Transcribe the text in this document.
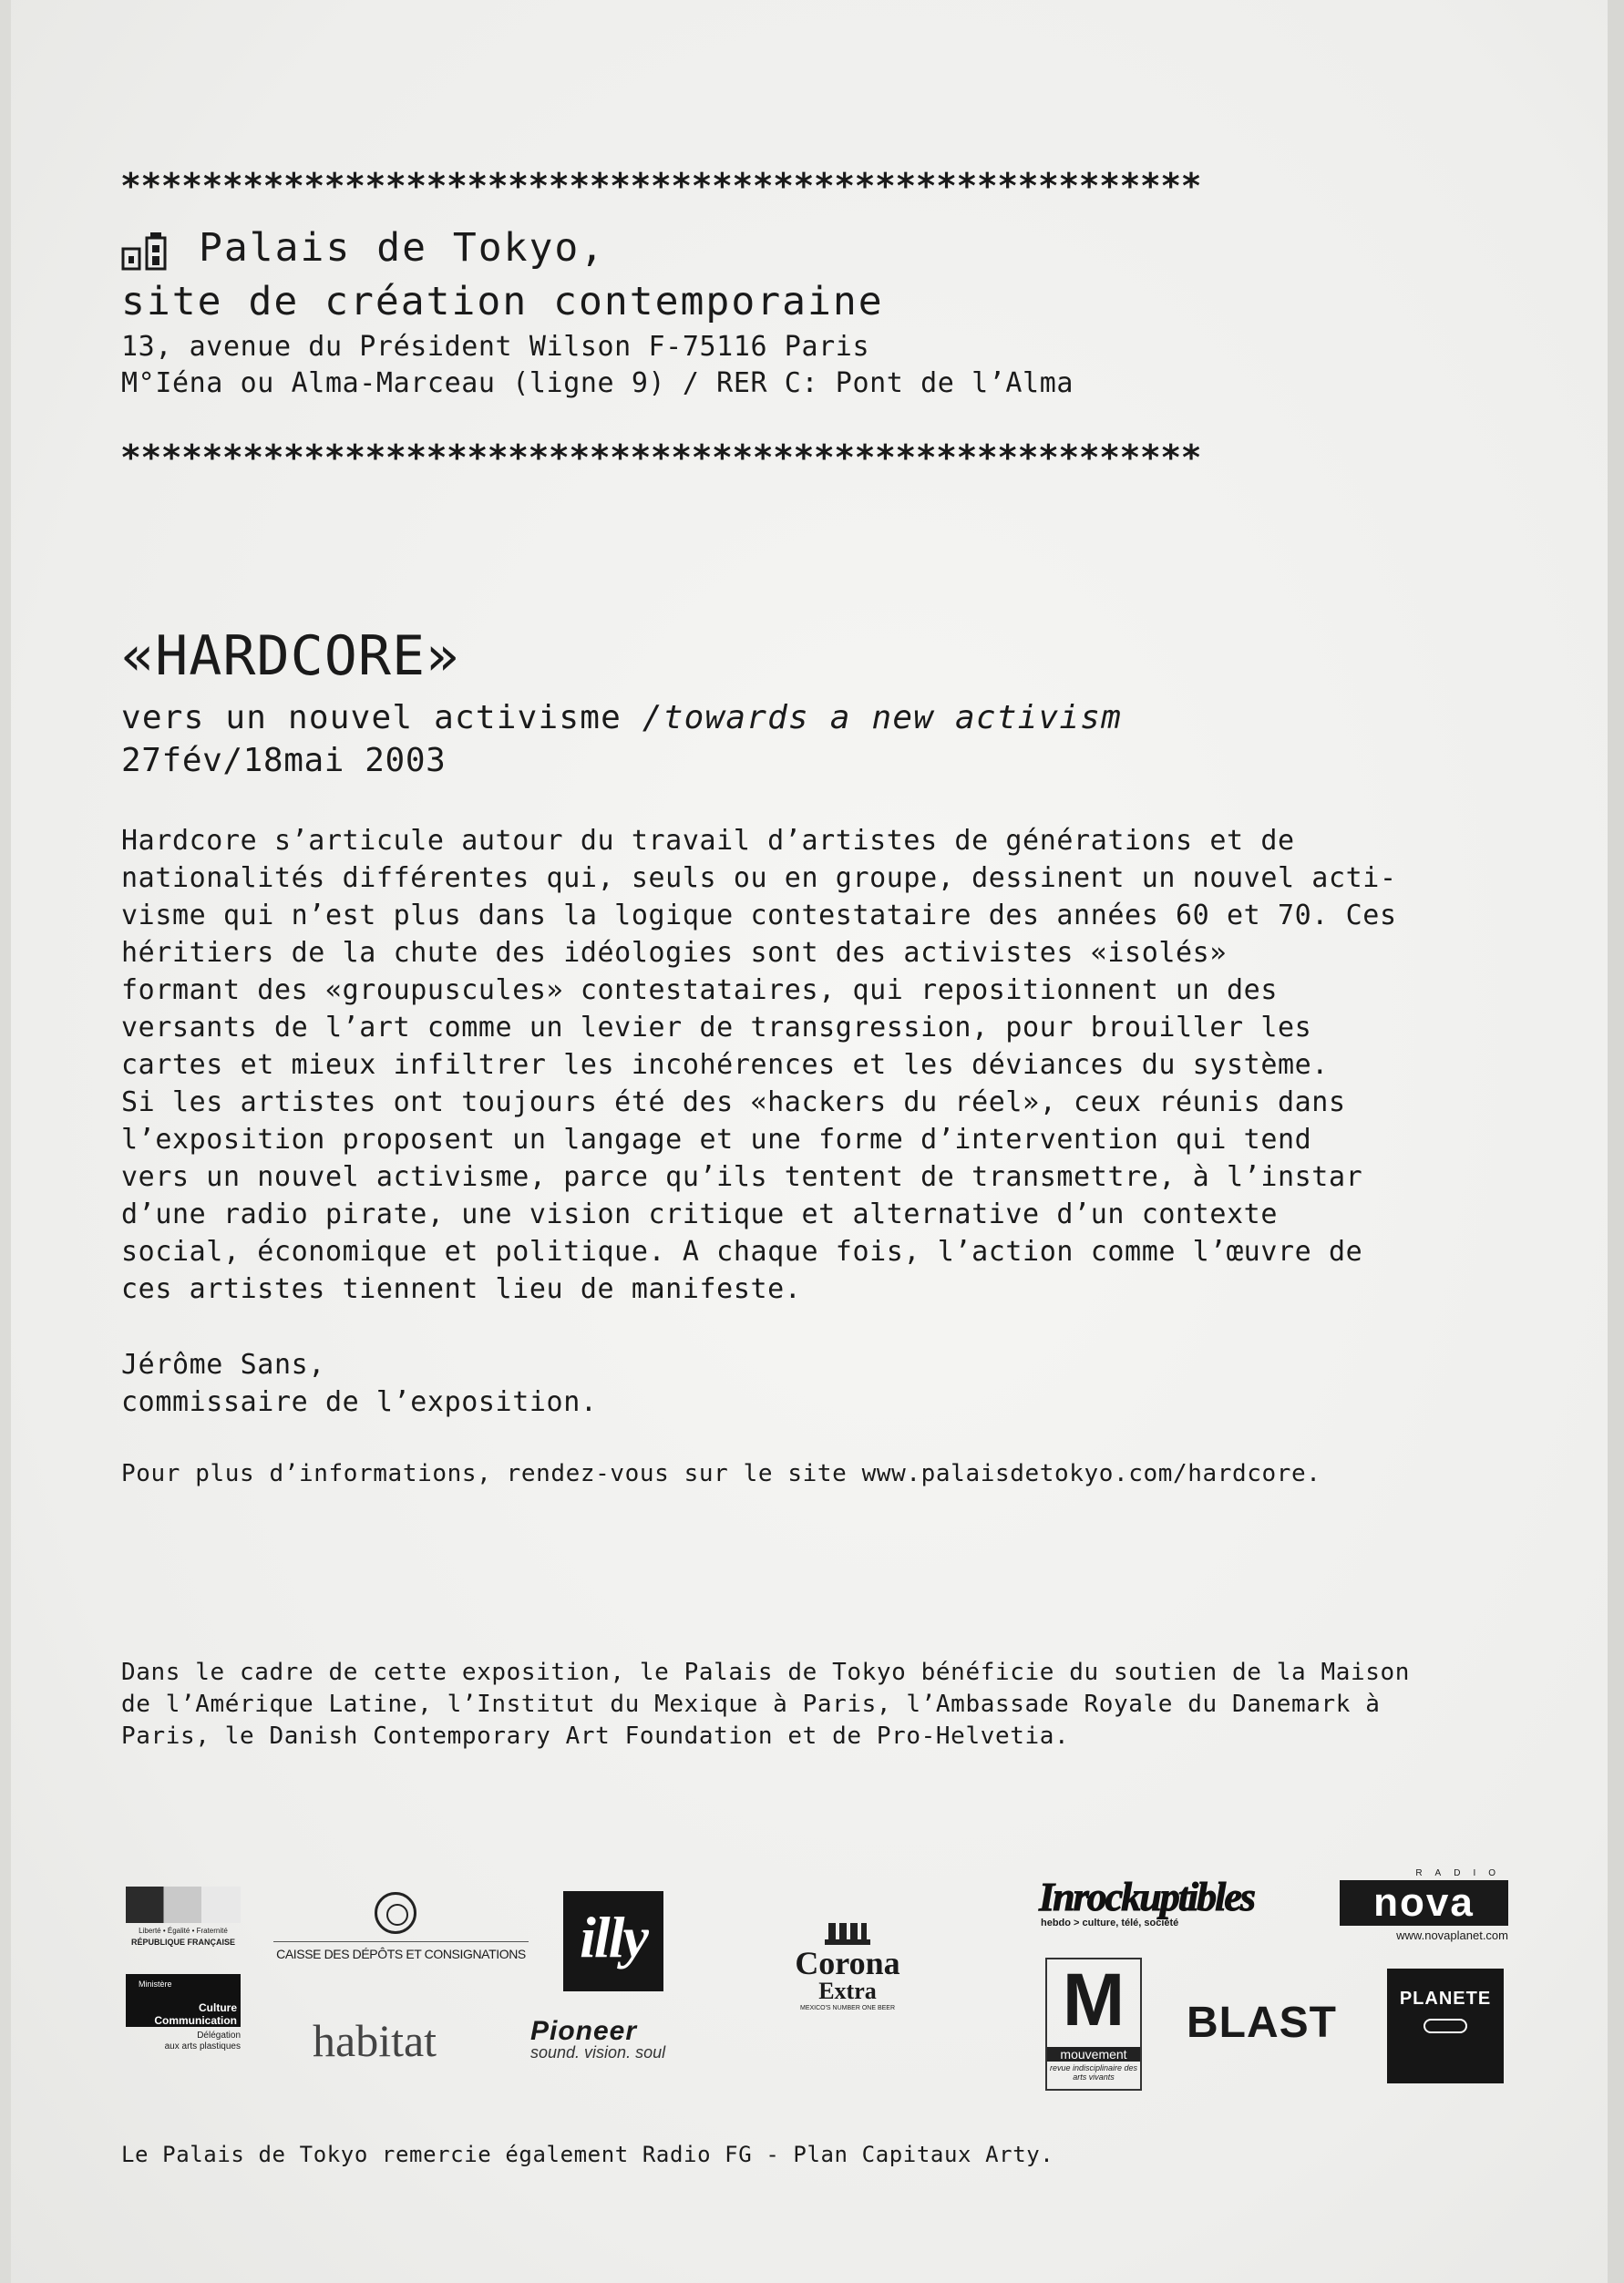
*****************************************************
Palais de Tokyo,
site de création contemporaine
13, avenue du Président Wilson F-75116 Paris
M°Iéna ou Alma-Marceau (ligne 9) / RER C: Pont de l’Alma
*****************************************************
«HARDCORE»
vers un nouvel activisme /towards a new activism
27fév/18mai 2003
Hardcore s’articule autour du travail d’artistes de générations et de
nationalités différentes qui, seuls ou en groupe, dessinent un nouvel acti-
visme qui n’est plus dans la logique contestataire des années 60 et 70. Ces
héritiers de la chute des idéologies sont des activistes «isolés»
formant des «groupuscules» contestataires, qui repositionnent un des
versants de l’art comme un levier de transgression, pour brouiller les
cartes et mieux infiltrer les incohérences et les déviances du système.
Si les artistes ont toujours été des «hackers du réel», ceux réunis dans
l’exposition proposent un langage et une forme d’intervention qui tend
vers un nouvel activisme, parce qu’ils tentent de transmettre, à l’instar
d’une radio pirate, une vision critique et alternative d’un contexte
social, économique et politique. A chaque fois, l’action comme l’œuvre de
ces artistes tiennent lieu de manifeste.
Jérôme Sans,
commissaire de l’exposition.
Pour plus d’informations, rendez-vous sur le site www.palaisdetokyo.com/hardcore.
Dans le cadre de cette exposition, le Palais de Tokyo bénéficie du soutien de la Maison
de l’Amérique Latine, l’Institut du Mexique à Paris, l’Ambassade Royale du Danemark à
Paris, le Danish Contemporary Art Foundation et de Pro-Helvetia.
Liberté • Égalité • Fraternité
RÉPUBLIQUE FRANÇAISE
Ministère
Culture
Communication
Délégation
aux arts plastiques
CAISSE DES DÉPÔTS ET CONSIGNATIONS illy
habitat	Pioneer
sound. vision. soul
Corona
Extra
MEXICO'S NUMBER ONE BEER
Inrockuptibles
hebdo > culture, télé, société
RADIO
nova
www.novaplanet.com
M
mouvement
revue indisciplinaire des arts vivants
BLAST	PLANETE
Le Palais de Tokyo remercie également Radio FG - Plan Capitaux Arty.
